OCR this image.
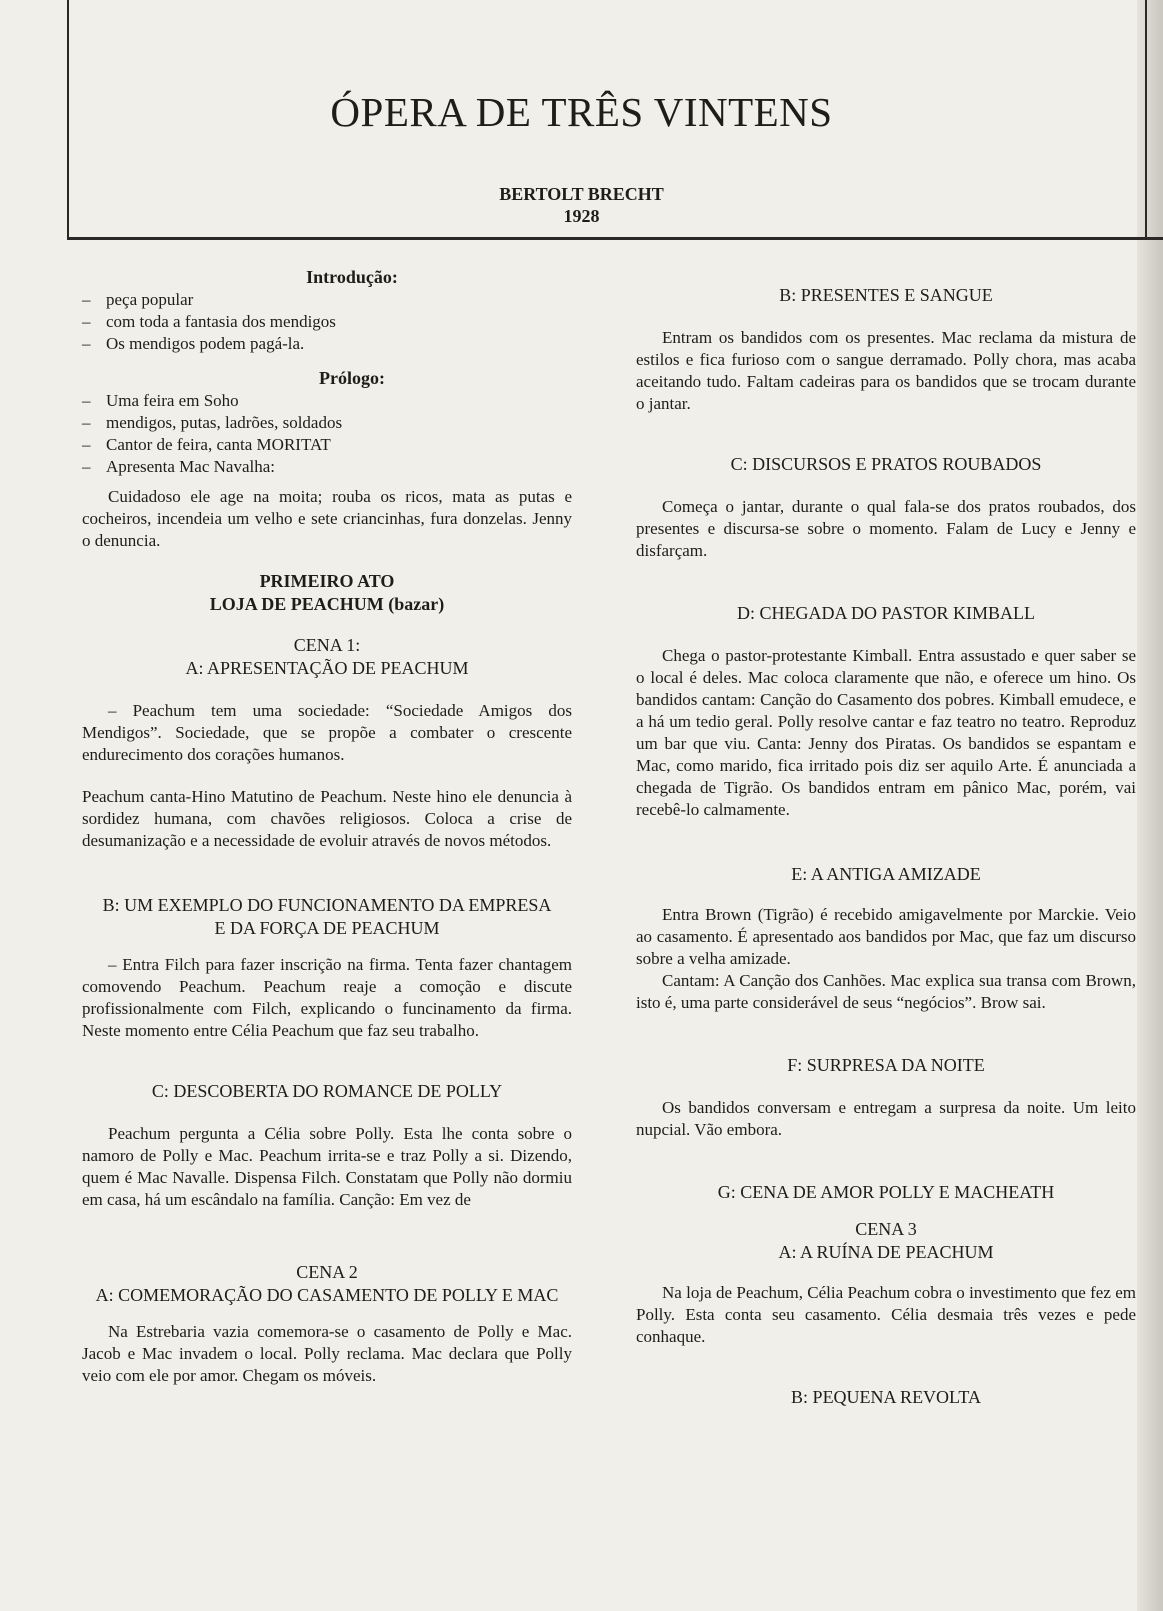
ÓPERA DE TRÊS VINTENS
BERTOLT BRECHT
1928
Introdução:
– peça popular
– com toda a fantasia dos mendigos
– Os mendigos podem pagá-la.
Prólogo:
– Uma feira em Soho
– mendigos, putas, ladrões, soldados
– Cantor de feira, canta MORITAT
– Apresenta Mac Navalha:

Cuidadoso ele age na moita; rouba os ricos, mata as putas e cocheiros, incendeia um velho e sete criancinhas, fura donzelas. Jenny o denuncia.

PRIMEIRO ATO
LOJA DE PEACHUM (bazar)
CENA 1:
A: APRESENTAÇÃO DE PEACHUM

– Peachum tem uma sociedade: “Sociedade Amigos dos Mendigos”. Sociedade, que se propõe a combater o crescente endurecimento dos corações humanos.

Peachum canta-Hino Matutino de Peachum. Neste hino ele denuncia à sordidez humana, com chavões religiosos. Coloca a crise de desumanização e a necessidade de evoluir através de novos métodos.

B: UM EXEMPLO DO FUNCIONAMENTO DA EMPRESA
E DA FORÇA DE PEACHUM

– Entra Filch para fazer inscrição na firma. Tenta fazer chantagem comovendo Peachum. Peachum reaje a comoção e discute profissionalmente com Filch, explicando o funcinamento da firma. Neste momento entre Célia Peachum que faz seu trabalho.

C: DESCOBERTA DO ROMANCE DE POLLY

Peachum pergunta a Célia sobre Polly. Esta lhe conta sobre o namoro de Polly e Mac. Peachum irrita-se e traz Polly a si. Dizendo, quem é Mac Navalle. Dispensa Filch. Constatam que Polly não dormiu em casa, há um escândalo na família. Canção: Em vez de

CENA 2
A: COMEMORAÇÃO DO CASAMENTO DE POLLY E MAC

Na Estrebaria vazia comemora-se o casamento de Polly e Mac. Jacob e Mac invadem o local. Polly reclama. Mac declara que Polly veio com ele por amor. Chegam os móveis.

B: PRESENTES E SANGUE

Entram os bandidos com os presentes. Mac reclama da mistura de estilos e fica furioso com o sangue derramado. Polly chora, mas acaba aceitando tudo. Faltam cadeiras para os bandidos que se trocam durante o jantar.

C: DISCURSOS E PRATOS ROUBADOS

Começa o jantar, durante o qual fala-se dos pratos roubados, dos presentes e discursa-se sobre o momento. Falam de Lucy e Jenny e disfarçam.

D: CHEGADA DO PASTOR KIMBALL

Chega o pastor-protestante Kimball. Entra assustado e quer saber se o local é deles. Mac coloca claramente que não, e oferece um hino. Os bandidos cantam: Canção do Casamento dos pobres. Kimball emudece, e a há um tedio geral. Polly resolve cantar e faz teatro no teatro. Reproduz um bar que viu. Canta: Jenny dos Piratas. Os bandidos se espantam e Mac, como marido, fica irritado pois diz ser aquilo Arte. É anunciada a chegada de Tigrão. Os bandidos entram em pânico Mac, porém, vai recebê-lo calmamente.

E: A ANTIGA AMIZADE

Entra Brown (Tigrão) é recebido amigavelmente por Marckie. Veio ao casamento. É apresentado aos bandidos por Mac, que faz um discurso sobre a velha amizade.

Cantam: A Canção dos Canhões. Mac explica sua transa com Brown, isto é, uma parte considerável de seus “negócios”. Brow sai.

F: SURPRESA DA NOITE

Os bandidos conversam e entregam a surpresa da noite. Um leito nupcial. Vão embora.

G: CENA DE AMOR POLLY E MACHEATH
CENA 3
A: A RUÍNA DE PEACHUM

Na loja de Peachum, Célia Peachum cobra o investimento que fez em Polly. Esta conta seu casamento. Célia desmaia três vezes e pede conhaque.

B: PEQUENA REVOLTA
